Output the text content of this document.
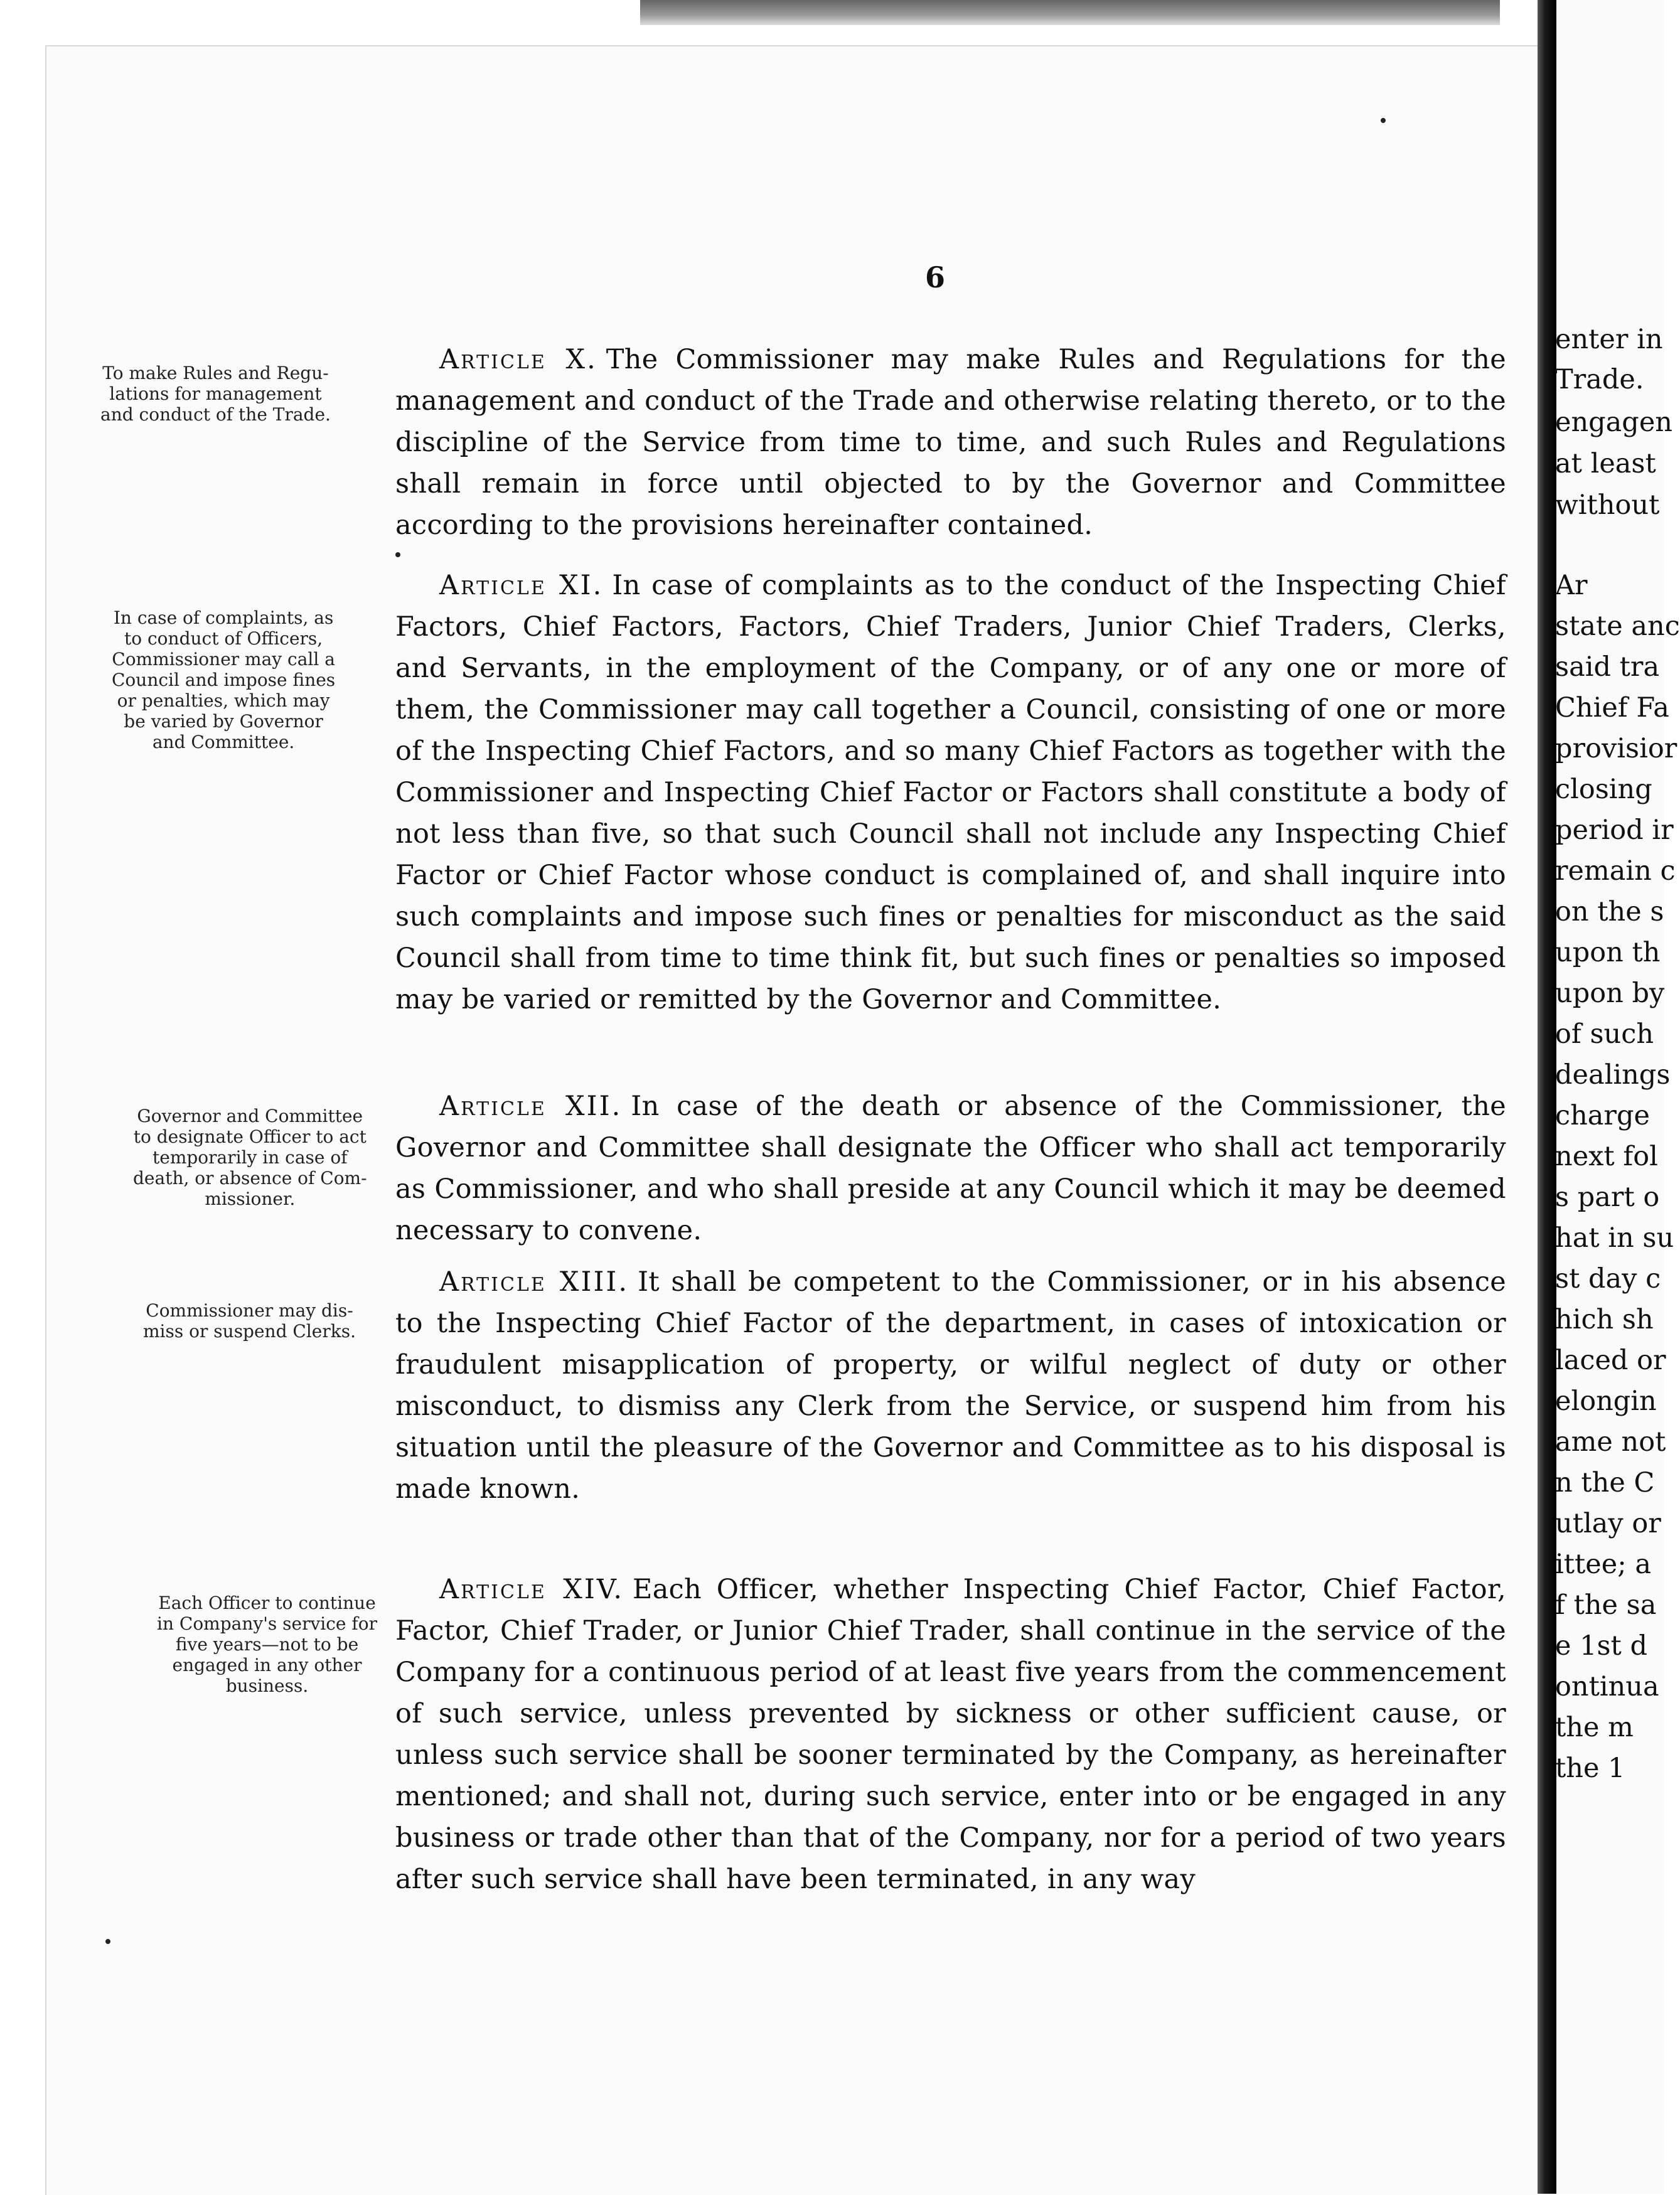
6
To make Rules and Regu-
lations for management
and conduct of the Trade.
In case of complaints, as
to conduct of Officers,
Commissioner may call a
Council and impose fines
or penalties, which may
be varied by Governor
and Committee.
Governor and Committee
to designate Officer to act
temporarily in case of
death, or absence of Com-
missioner.
Commissioner may dis-
miss or suspend Clerks.
Each Officer to continue
in Company's service for
five years—not to be
engaged in any other
business.
Article X. The Commissioner may make Rules and Regulations for the management and conduct of the Trade and otherwise relating thereto, or to the discipline of the Service from time to time, and such Rules and Regulations shall remain in force until objected to by the Governor and Committee according to the provisions hereinafter contained.
Article XI. In case of complaints as to the conduct of the Inspecting Chief Factors, Chief Factors, Factors, Chief Traders, Junior Chief Traders, Clerks, and Servants, in the employment of the Company, or of any one or more of them, the Commissioner may call together a Council, consisting of one or more of the Inspecting Chief Factors, and so many Chief Factors as together with the Commissioner and Inspecting Chief Factor or Factors shall constitute a body of not less than five, so that such Council shall not include any Inspecting Chief Factor or Chief Factor whose conduct is complained of, and shall inquire into such complaints and impose such fines or penalties for misconduct as the said Council shall from time to time think fit, but such fines or penalties so imposed may be varied or remitted by the Governor and Committee.
Article XII. In case of the death or absence of the Commissioner, the Governor and Committee shall designate the Officer who shall act temporarily as Commissioner, and who shall preside at any Council which it may be deemed necessary to convene.
Article XIII. It shall be competent to the Commissioner, or in his absence to the Inspecting Chief Factor of the department, in cases of intoxication or fraudulent misapplication of property, or wilful neglect of duty or other misconduct, to dismiss any Clerk from the Service, or suspend him from his situation until the pleasure of the Governor and Committee as to his disposal is made known.
Article XIV. Each Officer, whether Inspecting Chief Factor, Chief Factor, Factor, Chief Trader, or Junior Chief Trader, shall continue in the service of the Company for a continuous period of at least five years from the commencement of such service, unless prevented by sickness or other sufficient cause, or unless such service shall be sooner terminated by the Company, as hereinafter mentioned; and shall not, during such service, enter into or be engaged in any business or trade other than that of the Company, nor for a period of two years after such service shall have been terminated, in any way
enter in
Trade.
engagen
at least
without
Ar
state anc
said tra
Chief Fa
provisior
closing
period ir
remain c
on the s
upon th
upon by
of such
dealings
charge
next fol
s part o
hat in su
st day c
hich sh
laced or
elongin
ame not
n the C
utlay or
ittee; a
f the sa
e 1st d
ontinua
the m
the 1
